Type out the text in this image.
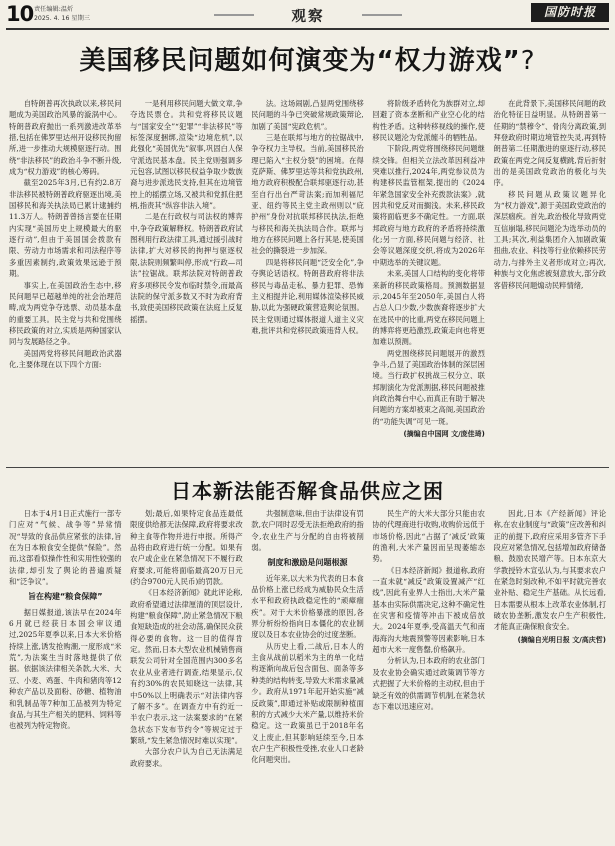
10 责任编辑:温炘
2025. 4. 16 星期三	观察	国防时报
美国移民问题如何演变为“权力游戏”?

自特朗普再次执政以来,移民问题成为美国政治风暴的漩涡中心。特朗普政府抛出一系列激进改革举措,包括在佛罗里达州开设移民拘留所,进一步推动大规模驱逐行动。围绕“非法移民”的政治斗争不断升级,成为“权力游戏”的核心筹码。

截至2025年3月,已有约2.8万非法移民被特朗普政府驱逐出境,美国移民和海关执法局已累计逮捕约11.3万人。特朗普曾扬言要在任期内实现“美国历史上规模最大的驱逐行动”,但由于美国国会拨款有限、劳动力市场需求和司法程序等多重因素制约,政策效果远逊于预期。

事实上,在美国政治生态中,移民问题早已超越单纯的社会治理范畴,成为两党争夺选票、动员基本盘的重要工具。民主党与共和党围绕移民政策的对立,实质是两种国家认同与发展路径之争。

美国两党将移民问题政治武器化,主要体现在以下四个方面:

一是利用移民问题大做文章,争夺选民票仓。共和党将移民议题与“国家安全”“犯罪”“非法移民”等标签深度捆绑,渲染“边境危机”,以此强化“美国优先”叙事,巩固白人保守派选民基本盘。民主党则强调多元包容,试图以移民权益争取少数族裔与进步派选民支持,但其在边境管控上的摇摆立场,又被共和党抓住把柄,指责其“纵容非法入境”。

二是在行政权与司法权的博弈中,争夺政策解释权。特朗普政府试图利用行政法律工具,通过援引战时法律,扩大对移民的拘押与驱逐权限,法院则频繁叫停,形成“行政—司法”拉锯战。联邦法院对特朗普政府多项移民令发布临时禁令,而最高法院的保守派多数又不时为政府背书,致使美国移民政策在法庭上反复摇摆。

法。这场闹剧,凸显两党围绕移民问题的斗争已突破常规政策辩论,加剧了美国“宪政危机”。

三是在联邦与地方的拉锯战中,争夺权力主导权。当前,美国移民治理已陷入“主权分裂”的困境。在得克萨斯、佛罗里达等共和党执政州,地方政府积极配合联邦驱逐行动,甚至自行出台严苛法案;而加利福尼亚、纽约等民主党主政州则以“庇护州”身份对抗联邦移民执法,拒绝与移民和海关执法局合作。联邦与地方在移民问题上各行其是,使美国社会的撕裂进一步加深。

四是将移民问题“泛安全化”,争夺舆论话语权。特朗普政府将非法移民与毒品走私、暴力犯罪、恐怖主义相提并论,利用媒体渲染移民威胁,以此为强硬政策营造舆论氛围。民主党则通过媒体报道人道主义灾难,批评共和党移民政策违背人权。

将阶级矛盾转化为族群对立,却回避了资本垄断和产业空心化的结构性矛盾。这种转移视线的操作,使移民议题沦为党派缠斗的牺牲品。

下阶段,两党将围绕移民问题继续交锋。但相关立法改革因利益冲突难以推行,2024年,两党参议员为构建移民监管框架,提出的《2024年紧急国家安全补充拨款法案》,就因共和党反对而搁浅。未来,移民政策将面临更多不确定性。一方面,联邦政府与地方政府的矛盾将持续激化;另一方面,移民问题与经济、社会等议题深度交织,将成为2026年中期选举的关键议题。

未来,美国人口结构的变化将带来新的移民政策格局。预测数据显示,2045年至2050年,美国白人将占总人口少数,少数族裔将逐步扩大在选民中的比重,两党在移民问题上的博弈将更趋激烈,政策走向也将更加难以预测。

两党围绕移民问题展开的激烈争斗,凸显了美国政治体制的深层困境。当行政扩权挑战三权分立、联邦制演化为党派割据,移民问题被推向政治舞台中心,而真正有助于解决问题的方案却被束之高阁,美国政治的“功能失调”可见一斑。

(摘编自中国网 文/庞佳琦)

在此背景下,美国移民问题的政治化特征日益明显。从特朗普第一任期的“禁穆令”、骨肉分离政策,到拜登政府时期边境管控失灵,再到特朗普第二任期激进的驱逐行动,移民政策在两党之间反复横跳,背后折射出的是美国政党政治的极化与失序。

移民问题从政策议题异化为“权力游戏”,源于美国政党政治的深层痼疾。首先,政治极化导致两党互信崩塌,移民问题沦为选举动员的工具;其次,利益集团介入加剧政策扭曲,农业、科技等行业依赖移民劳动力,与排外主义者形成对立;再次,种族与文化焦虑被刻意放大,部分政客借移民问题煽动民粹情绪,

日本新法能否解食品供应之困

日本于4月1日正式施行一部专门应对“气候、战争等”异常情况“导致的食品供应紧张的法律,旨在为日本粮食安全提供“保险”。然而,这部看似操作性和实用性较强的法律,却引发了舆论的普遍质疑和“泛争议”。

旨在构建“粮食保障”

据日媒报道,该法早在2024年6月就已经获日本国会审议通过,2025年夏季以来,日本大米价格持续上涨,诱发抢购潮,一度形成“米荒”,为法案生当时落地提供了依据。依据该法律相关条款,大米、大豆、小麦、鸡蛋、牛肉和猪肉等12种农产品以及面粉、砂糖、植物油和乳制品等7种加工品被列为特定食品,与其生产相关的肥料、饲料等也被列为特定物资。

划;最后,如果特定食品连最低限度供给都无法保障,政府将要求改种主食等作物并进行申报。所得产品将由政府进行统一分配。如果有农户或企业在紧急情况下不履行政府要求,可能将面临最高20万日元(约合9700元人民币)的罚款。

《日本经济新闻》就此评论称,政府希望通过法律厘清的顶层设计,构建“粮食保障”,防止紧急情况下粮食短缺造成的社会动荡,确保民众获得必要的食物。这一目的值得肯定。然而,日本大型农业机械销售商联发公司针对全国范围内300多名农业从业者进行调查,结果显示,仅有约30%的农民知晓这一法律,其中50%以上明确表示“对法律内容了解不多”。在调查方中有约近一半农户表示,这一法案要求的“在紧急状态下发布节约令”等规定过于繁琐,“发生紧急情况时难以实现”。

大部分农户认为自己无法满足政府要求。

共强制意味,但由于法律设有罚款,农户同时忍受无法拒绝政府的指令,农业生产与分配的自由将被削弱。

制度和激励是问题根源

近年来,以大米为代表的日本食品价格上涨已经成为威胁民众生活水平和政府执政稳定性的“顽瘴痼疾”。对于大米价格暴涨的原因,各界分析纷纷指向日本僵化的农业制度以及日本农业协会的过度垄断。

从历史上看,二战后,日本人的主食从战前以稻米为主的单一化结构逐渐向战后包含面包、面条等多种类的结构转变,导致大米需求量减少。政府从1971年起开始实施“减反政策”,即通过补贴或限制种植面积的方式减少大米产量,以维持米价稳定。这一政策虽已于2018年名义上废止,但其影响延续至今,日本农户生产积极性受挫,农业人口老龄化问题突出。

民生产的大米大部分只能由农协的代理商进行收购,收购价远低于市场价格,因此“占据了‘减反’政策的渔利,大米产量因而呈现萎缩态势。

《日本经济新闻》报道称,政府一直未就“减反”政策设置减产“红线”,因此有业界人士指出,大米产量基本由实际供需决定,这种不确定性在灾害和疫情等冲击下被成倍放大。2024年夏季,受高温天气和南海海沟大地震预警等因素影响,日本超市大米一度售罄,价格飙升。

分析认为,日本政府的农业部门及农业协会确实通过政策调节等方式把握了大米价格的主动权,但由于缺乏有效的供需调节机制,在紧急状态下难以迅速应对。

因此,日本《产经新闻》评论称,在农业制度与“政策”应改善和纠正的前提下,政府应采用多管齐下手段应对紧急情况,包括增加政府储备粮、鼓励农民增产等。日本东京大学教授铃木宣弘认为,与其要求农户在紧急时刻改种,不如平时就完善农业补贴、稳定生产基础。从长远看,日本需要从根本上改革农业体制,打破农协垄断,激发农户生产积极性,才能真正确保粮食安全。

(摘编自光明日报 文/高庆哲)
